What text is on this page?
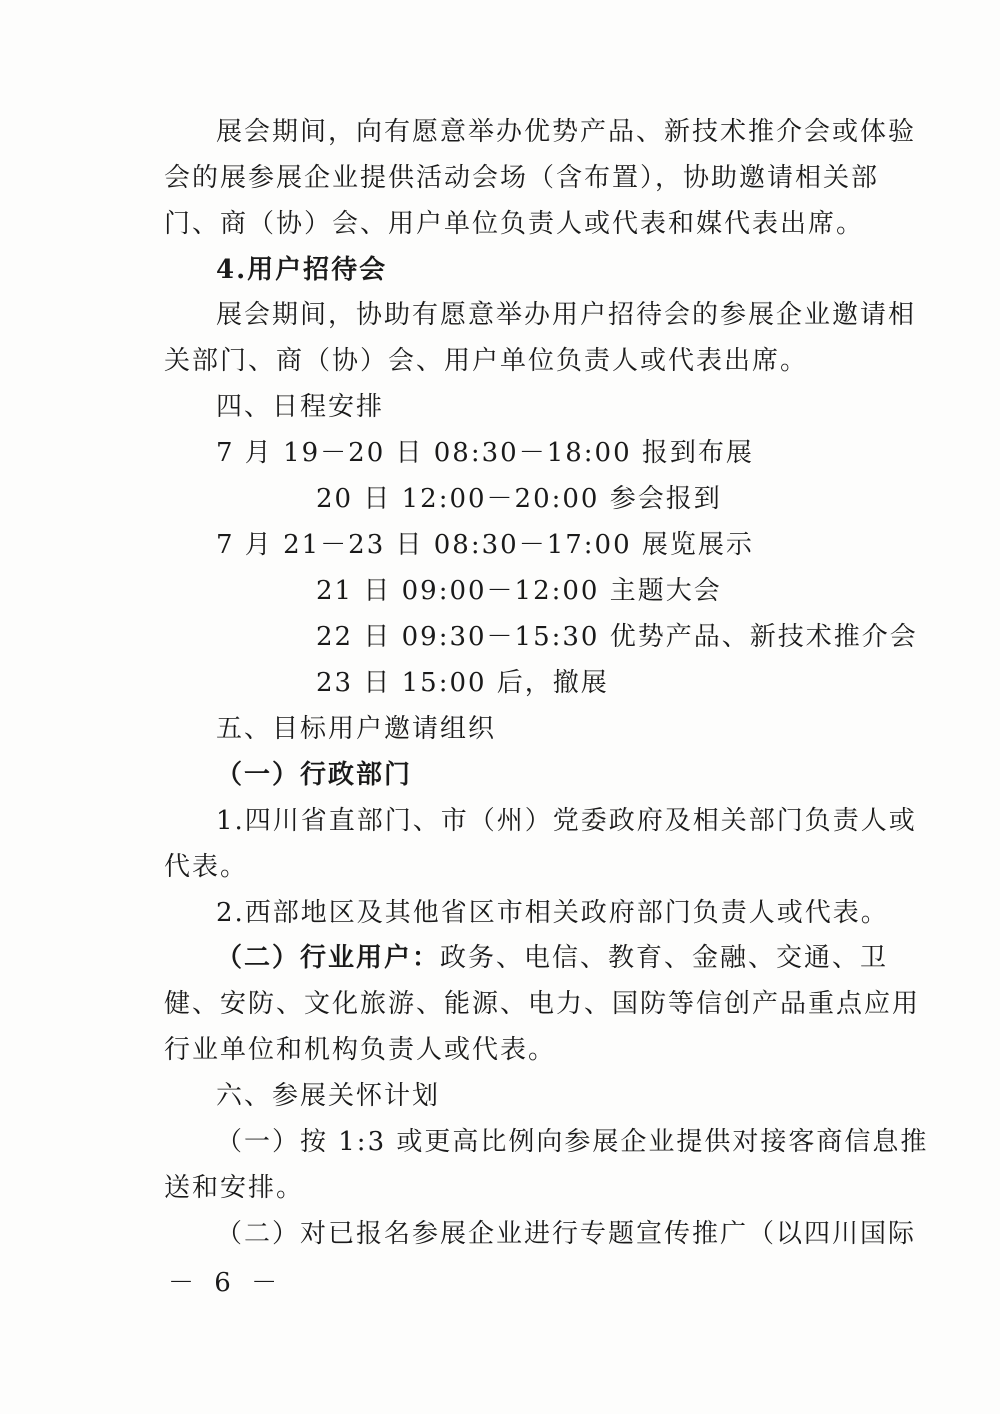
展会期间，向有愿意举办优势产品、新技术推介会或体验
会的展参展企业提供活动会场（含布置），协助邀请相关部
门、商（协）会、用户单位负责人或代表和媒代表出席。
4.用户招待会
展会期间，协助有愿意举办用户招待会的参展企业邀请相
关部门、商（协）会、用户单位负责人或代表出席。
四、日程安排
7 月 19－20 日 08:30－18:00 报到布展
20 日 12:00－20:00 参会报到
7 月 21－23 日 08:30－17:00 展览展示
21 日 09:00－12:00 主题大会
22 日 09:30－15:30 优势产品、新技术推介会
23 日 15:00 后，撤展
五、目标用户邀请组织
（一）行政部门
1.四川省直部门、市（州）党委政府及相关部门负责人或
代表。
2.西部地区及其他省区市相关政府部门负责人或代表。
（二）行业用户：政务、电信、教育、金融、交通、卫
健、安防、文化旅游、能源、电力、国防等信创产品重点应用
行业单位和机构负责人或代表。
六、参展关怀计划
（一）按 1:3 或更高比例向参展企业提供对接客商信息推
送和安排。
（二）对已报名参展企业进行专题宣传推广（以四川国际
－ 6 －
